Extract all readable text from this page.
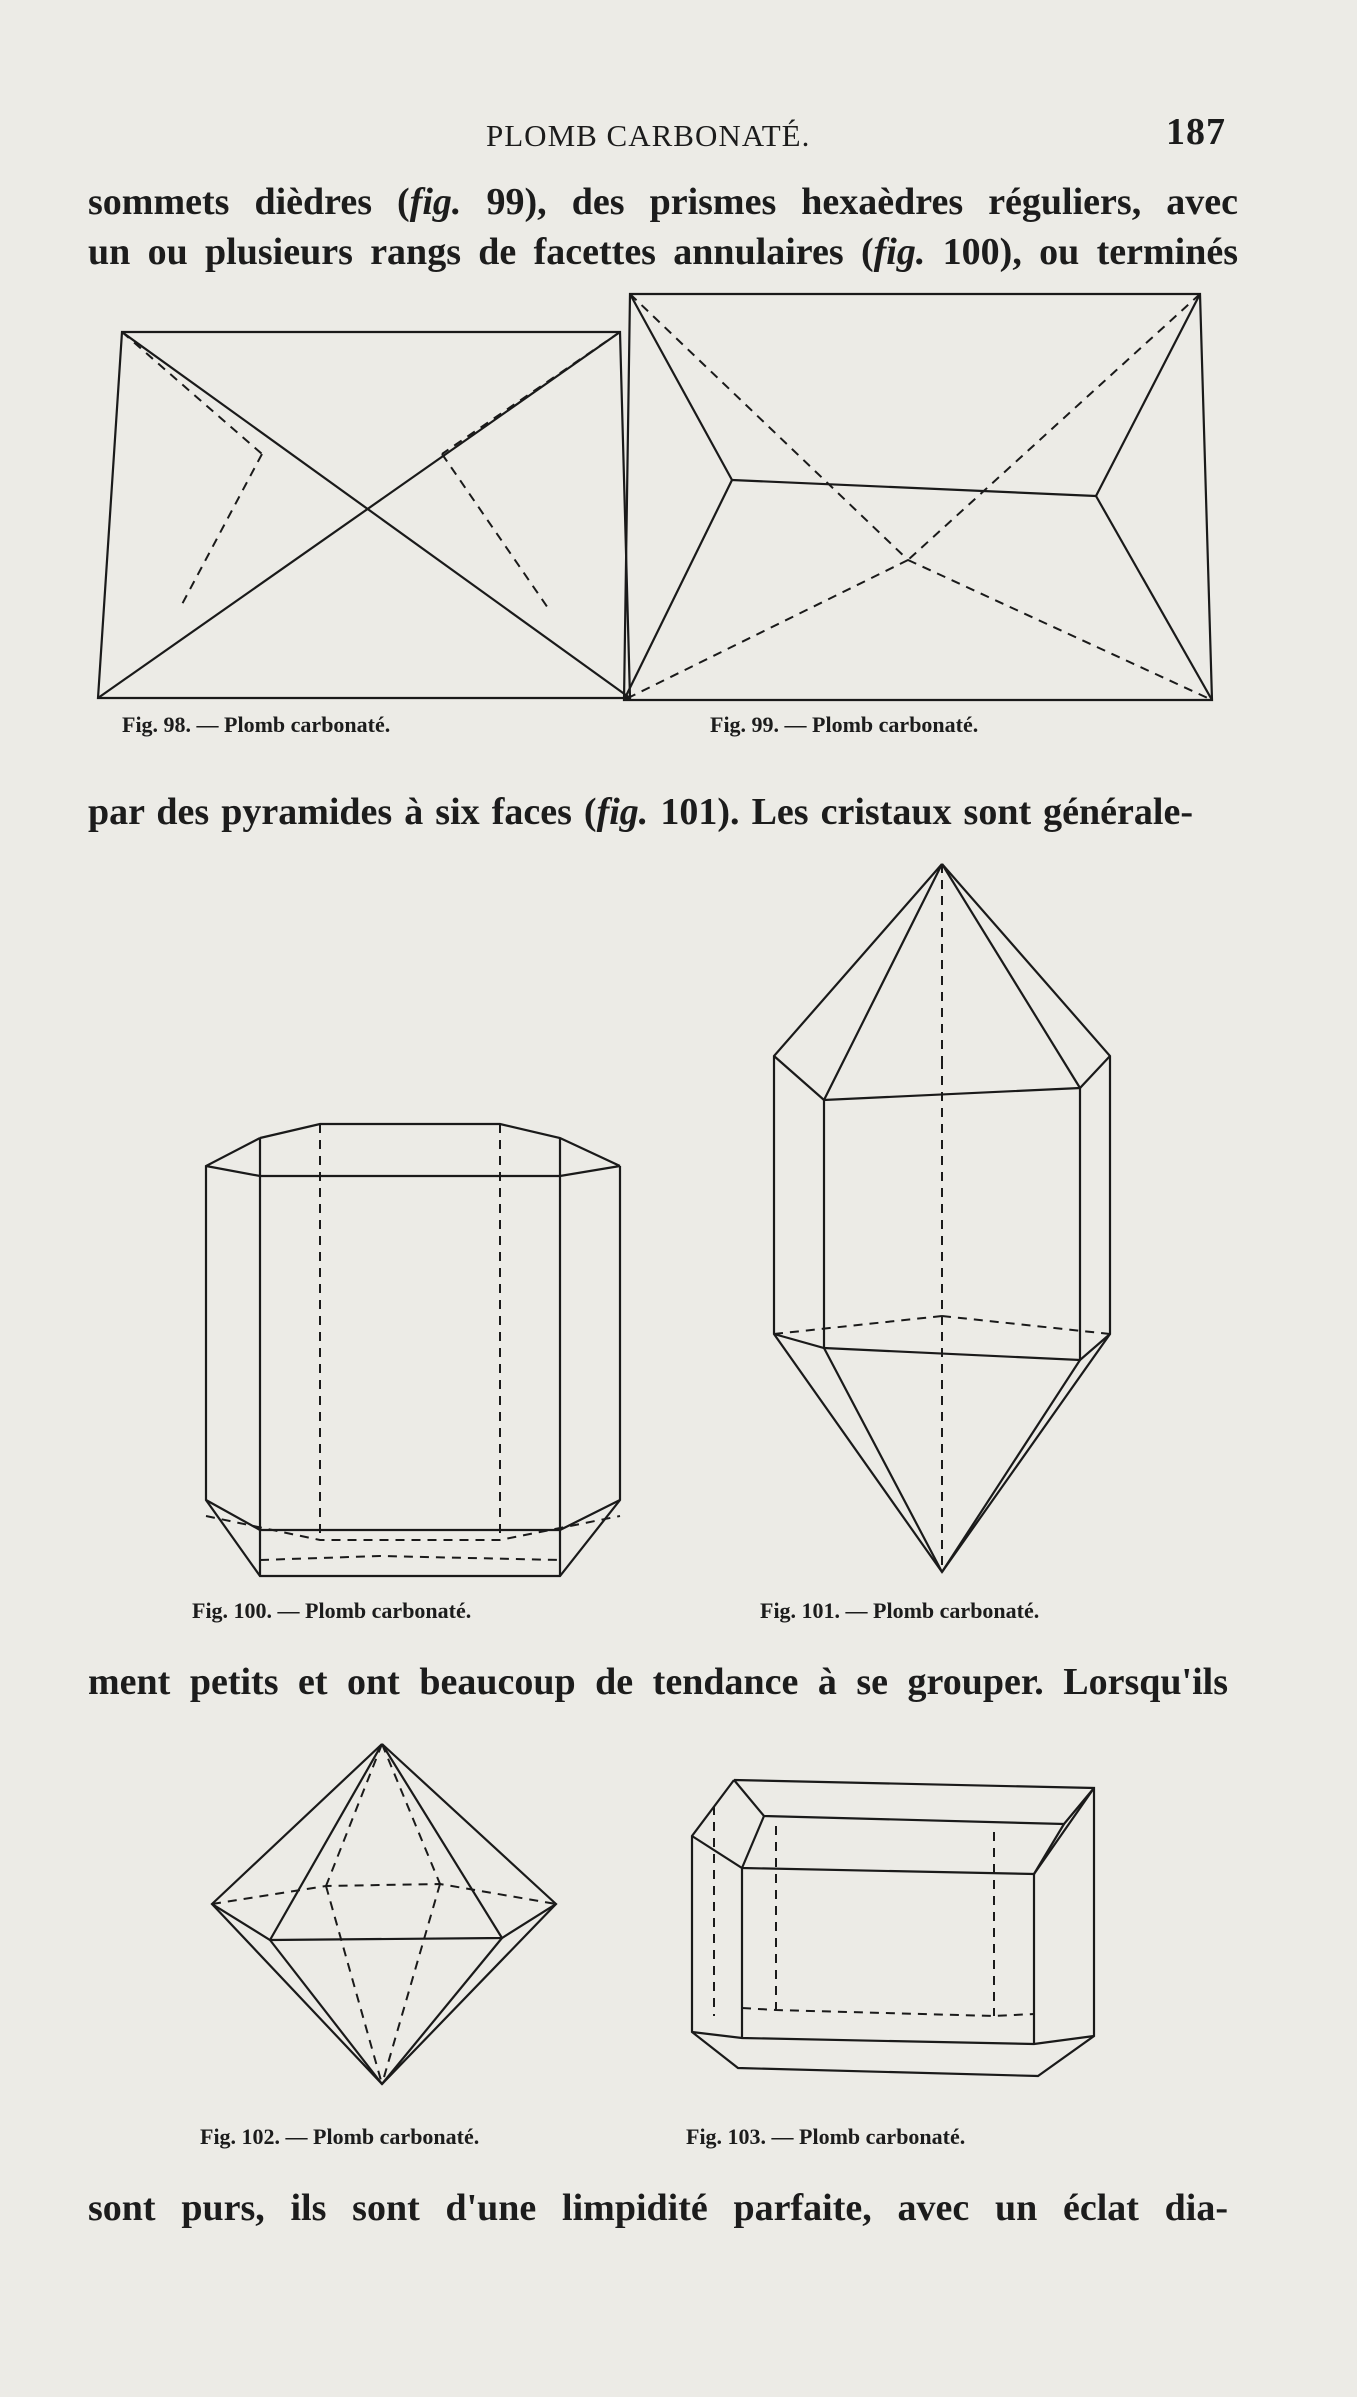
PLOMB CARBONATÉ.	187
sommets dièdres (fig. 99), des prismes hexaèdres réguliers, avec
un ou plusieurs rangs de facettes annulaires (fig. 100), ou terminés
Fig. 98. — Plomb carbonaté.	Fig. 99. — Plomb carbonaté.
par des pyramides à six faces (fig. 101). Les cristaux sont générale-
Fig. 100. — Plomb carbonaté.	Fig. 101. — Plomb carbonaté.
ment petits et ont beaucoup de tendance à se grouper. Lorsqu'ils
Fig. 102. — Plomb carbonaté.	Fig. 103. — Plomb carbonaté.
sont purs, ils sont d'une limpidité parfaite, avec un éclat dia-
